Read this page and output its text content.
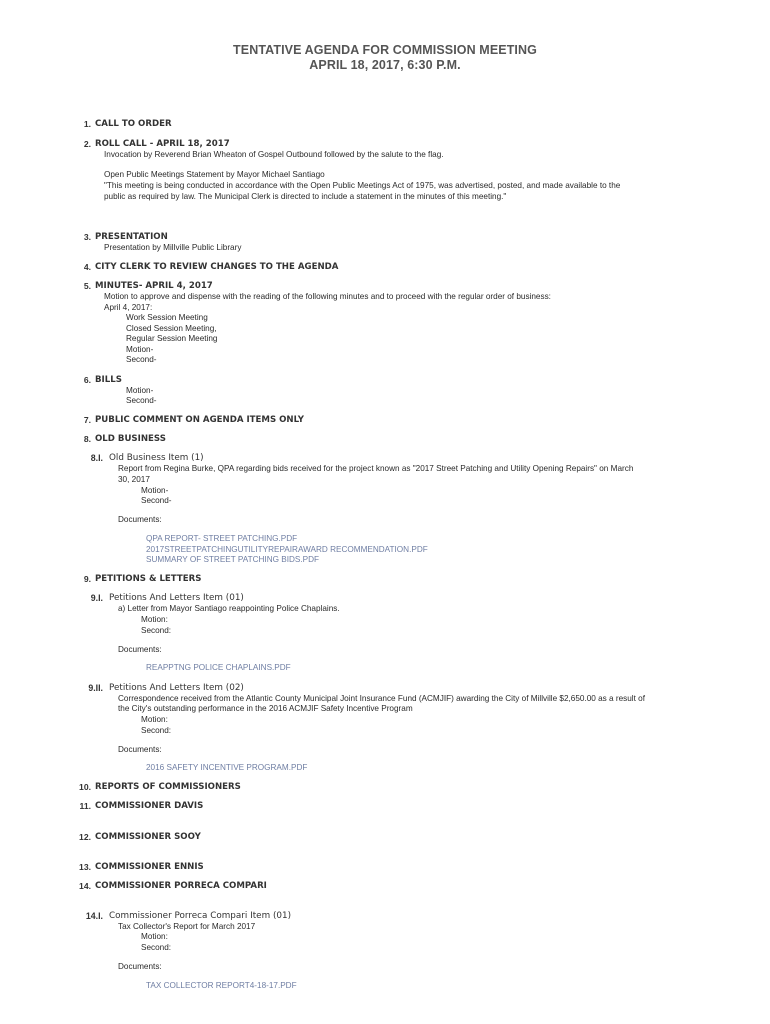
TENTATIVE AGENDA FOR COMMISSION MEETING
APRIL 18, 2017, 6:30 P.M.
1. CALL TO ORDER
2. ROLL CALL - APRIL 18, 2017
Invocation by Reverend Brian Wheaton of Gospel Outbound followed by the salute to the flag.
Open Public Meetings Statement by Mayor Michael Santiago
"This meeting is being conducted in accordance with the Open Public Meetings Act of 1975, was advertised, posted, and made available to the
public as required by law. The Municipal Clerk is directed to include a statement in the minutes of this meeting."
3. PRESENTATION
Presentation by Millville Public Library
4. CITY CLERK TO REVIEW CHANGES TO THE AGENDA
5. MINUTES- APRIL 4, 2017
Motion to approve and dispense with the reading of the following minutes and to proceed with the regular order of business:
April 4, 2017:
Work Session Meeting
Closed Session Meeting,
Regular Session Meeting
Motion-
Second-
6. BILLS
Motion-
Second-
7. PUBLIC COMMENT ON AGENDA ITEMS ONLY
8. OLD BUSINESS
8.I. Old Business Item (1)
Report from Regina Burke, QPA regarding bids received for the project known as "2017 Street Patching and Utility Opening Repairs" on March
30, 2017
Motion-
Second-
Documents:
QPA REPORT- STREET PATCHING.PDF
2017STREETPATCHINGUTILITYREPAIRAWARD RECOMMENDATION.PDF
SUMMARY OF STREET PATCHING BIDS.PDF
9. PETITIONS & LETTERS
9.I. Petitions And Letters Item (01)
a) Letter from Mayor Santiago reappointing Police Chaplains.
Motion:
Second:
Documents:
REAPPTNG POLICE CHAPLAINS.PDF
9.II. Petitions And Letters Item (02)
Correspondence received from the Atlantic County Municipal Joint Insurance Fund (ACMJIF) awarding the City of Millville $2,650.00 as a result of
the City's outstanding performance in the 2016 ACMJIF Safety Incentive Program
Motion:
Second:
Documents:
2016 SAFETY INCENTIVE PROGRAM.PDF
10. REPORTS OF COMMISSIONERS
11. COMMISSIONER DAVIS
12. COMMISSIONER SOOY
13. COMMISSIONER ENNIS
14. COMMISSIONER PORRECA COMPARI
14.I. Commissioner Porreca Compari Item (01)
Tax Collector's Report for March 2017
Motion:
Second:
Documents:
TAX COLLECTOR REPORT4-18-17.PDF
